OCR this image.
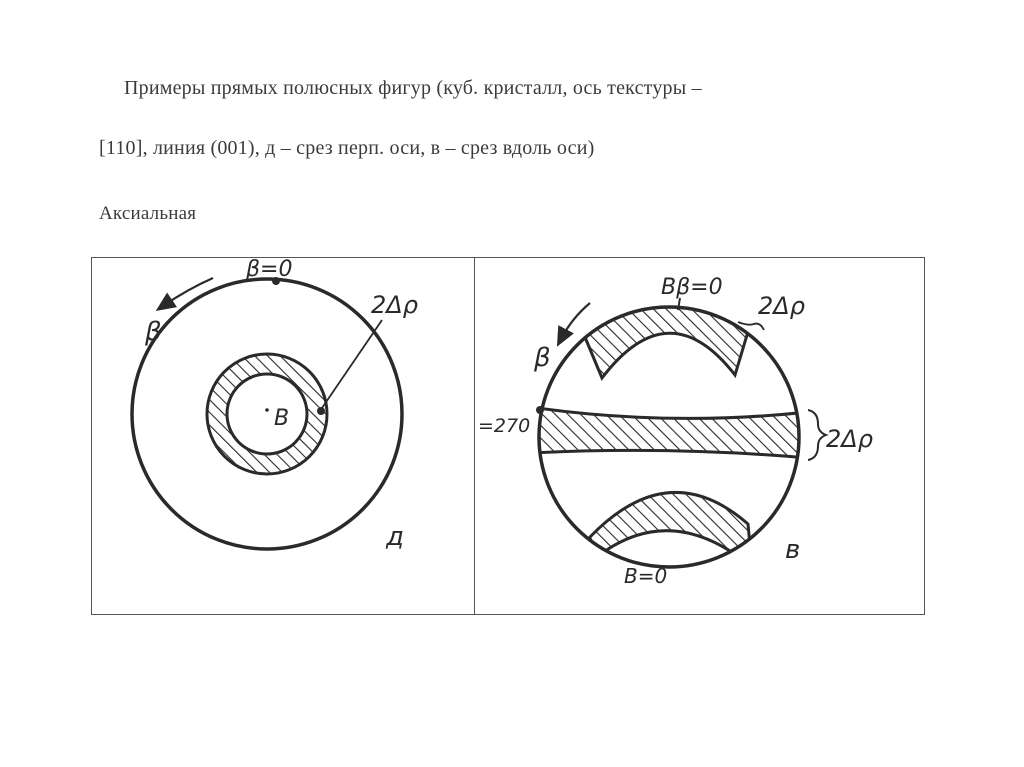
Примеры прямых полюсных фигур (куб. кристалл, ось текстуры –
[110], линия (001), д – срез перп. оси, в – срез вдоль оси)
Аксиальная
β=0
β
B
2Δρ
д
Bβ=0
β
=270
2Δρ
2Δρ
B=0
в
